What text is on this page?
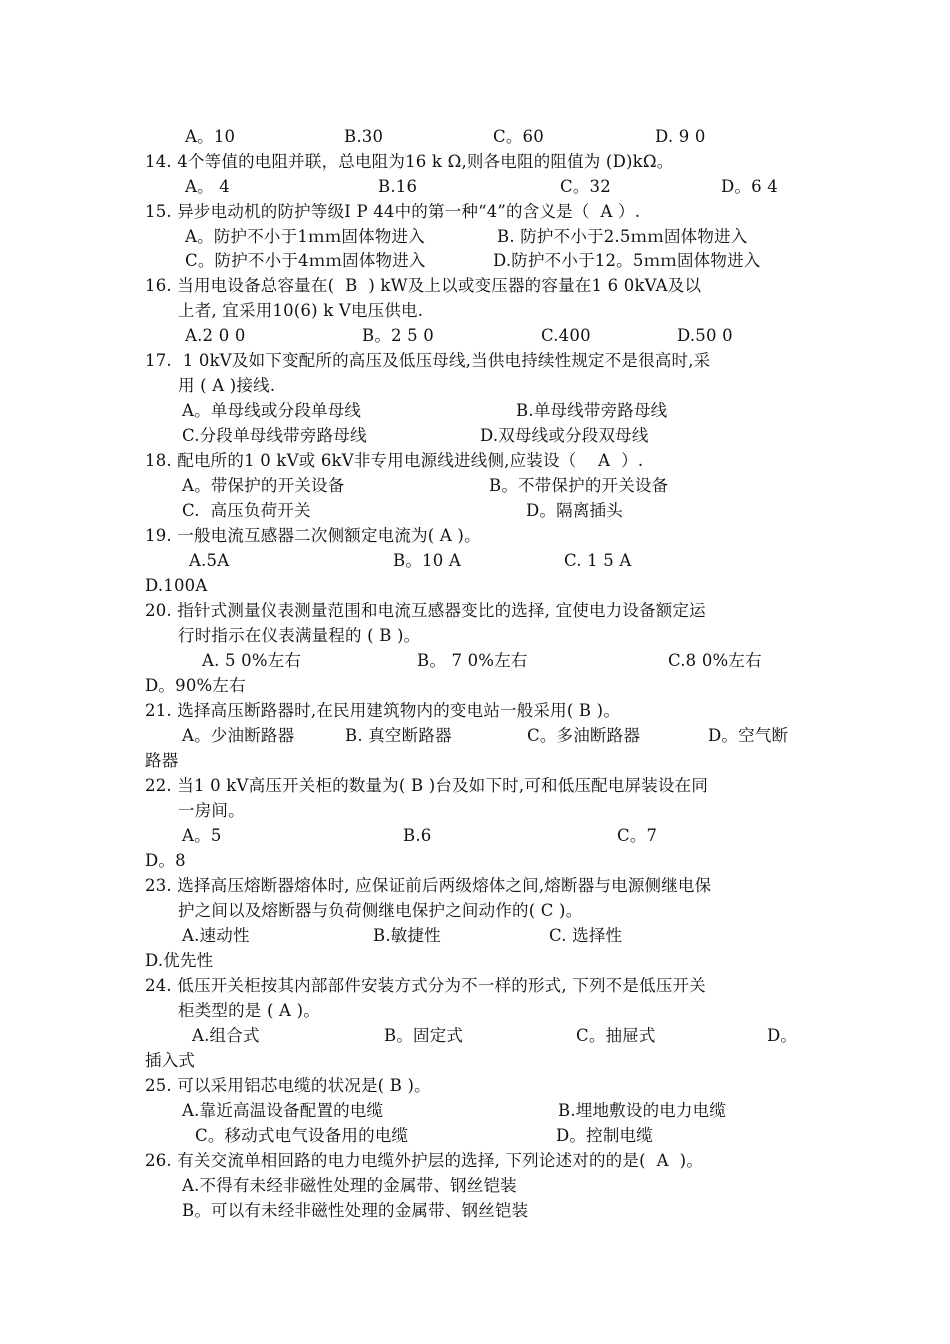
A。10	B.30	C。60	D. 9 0
14. 4个等值的电阻并联，总电阻为16 k Ω,则各电阻的阻值为 (D)kΩ。
A。 4	B.16	C。32	D。6 4
15. 异步电动机的防护等级I P 44中的第一种“4”的含义是（  A ）.
A。防护不小于1ｍｍ固体物进入	B. 防护不小于2.5ｍｍ固体物进入
C。防护不小于4ｍｍ固体物进入	D.防护不小于12。5ｍｍ固体物进入
16. 当用电设备总容量在(  B  ) kW及上以或变压器的容量在1 6 0kVA及以
上者, 宜采用10(6) k V电压供电.
A.2 0 0	B。2 5 0	C.400	D.50 0
17.  1 0kV及如下变配所的高压及低压母线,当供电持续性规定不是很高时,采
用 ( A )接线.
A。单母线或分段单母线	B.单母线带旁路母线
C.分段单母线带旁路母线	D.双母线或分段双母线
18. 配电所的1 0 kV或 6kV非专用电源线进线侧,应装设（    A  ）.
A。带保护的开关设备	B。不带保护的开关设备
C.  高压负荷开关	D。隔离插头
19. 一般电流互感器二次侧额定电流为( A )。
A.5A	B。10 A	C. 1 5 A
D.100A
20. 指针式测量仪表测量范围和电流互感器变比的选择, 宜使电力设备额定运
行时指示在仪表满量程的 ( B )。
A. 5 0%左右	B。 7 0%左右	C.8 0%左右
D。90%左右
21. 选择高压断路器时,在民用建筑物内的变电站一般采用( B )。
A。少油断路器	B. 真空断路器	C。多油断路器	D。空气断
路器
22. 当1 0 kV高压开关柜的数量为( B )台及如下时,可和低压配电屏装设在同
一房间。
A。5	B.6	C。7
D。8
23. 选择高压熔断器熔体时, 应保证前后两级熔体之间,熔断器与电源侧继电保
护之间以及熔断器与负荷侧继电保护之间动作的( C )。
A.速动性	B.敏捷性	C. 选择性
D.优先性
24. 低压开关柜按其内部部件安装方式分为不一样的形式, 下列不是低压开关
柜类型的是 ( A )。
A.组合式	B。固定式	C。抽屉式	D。
插入式
25. 可以采用铝芯电缆的状况是( B )。
A.靠近高温设备配置的电缆	B.埋地敷设的电力电缆
C。移动式电气设备用的电缆	D。控制电缆
26. 有关交流单相回路的电力电缆外护层的选择, 下列论述对的的是(  A  )。
A.不得有未经非磁性处理的金属带、钢丝铠装
B。可以有未经非磁性处理的金属带、钢丝铠装
